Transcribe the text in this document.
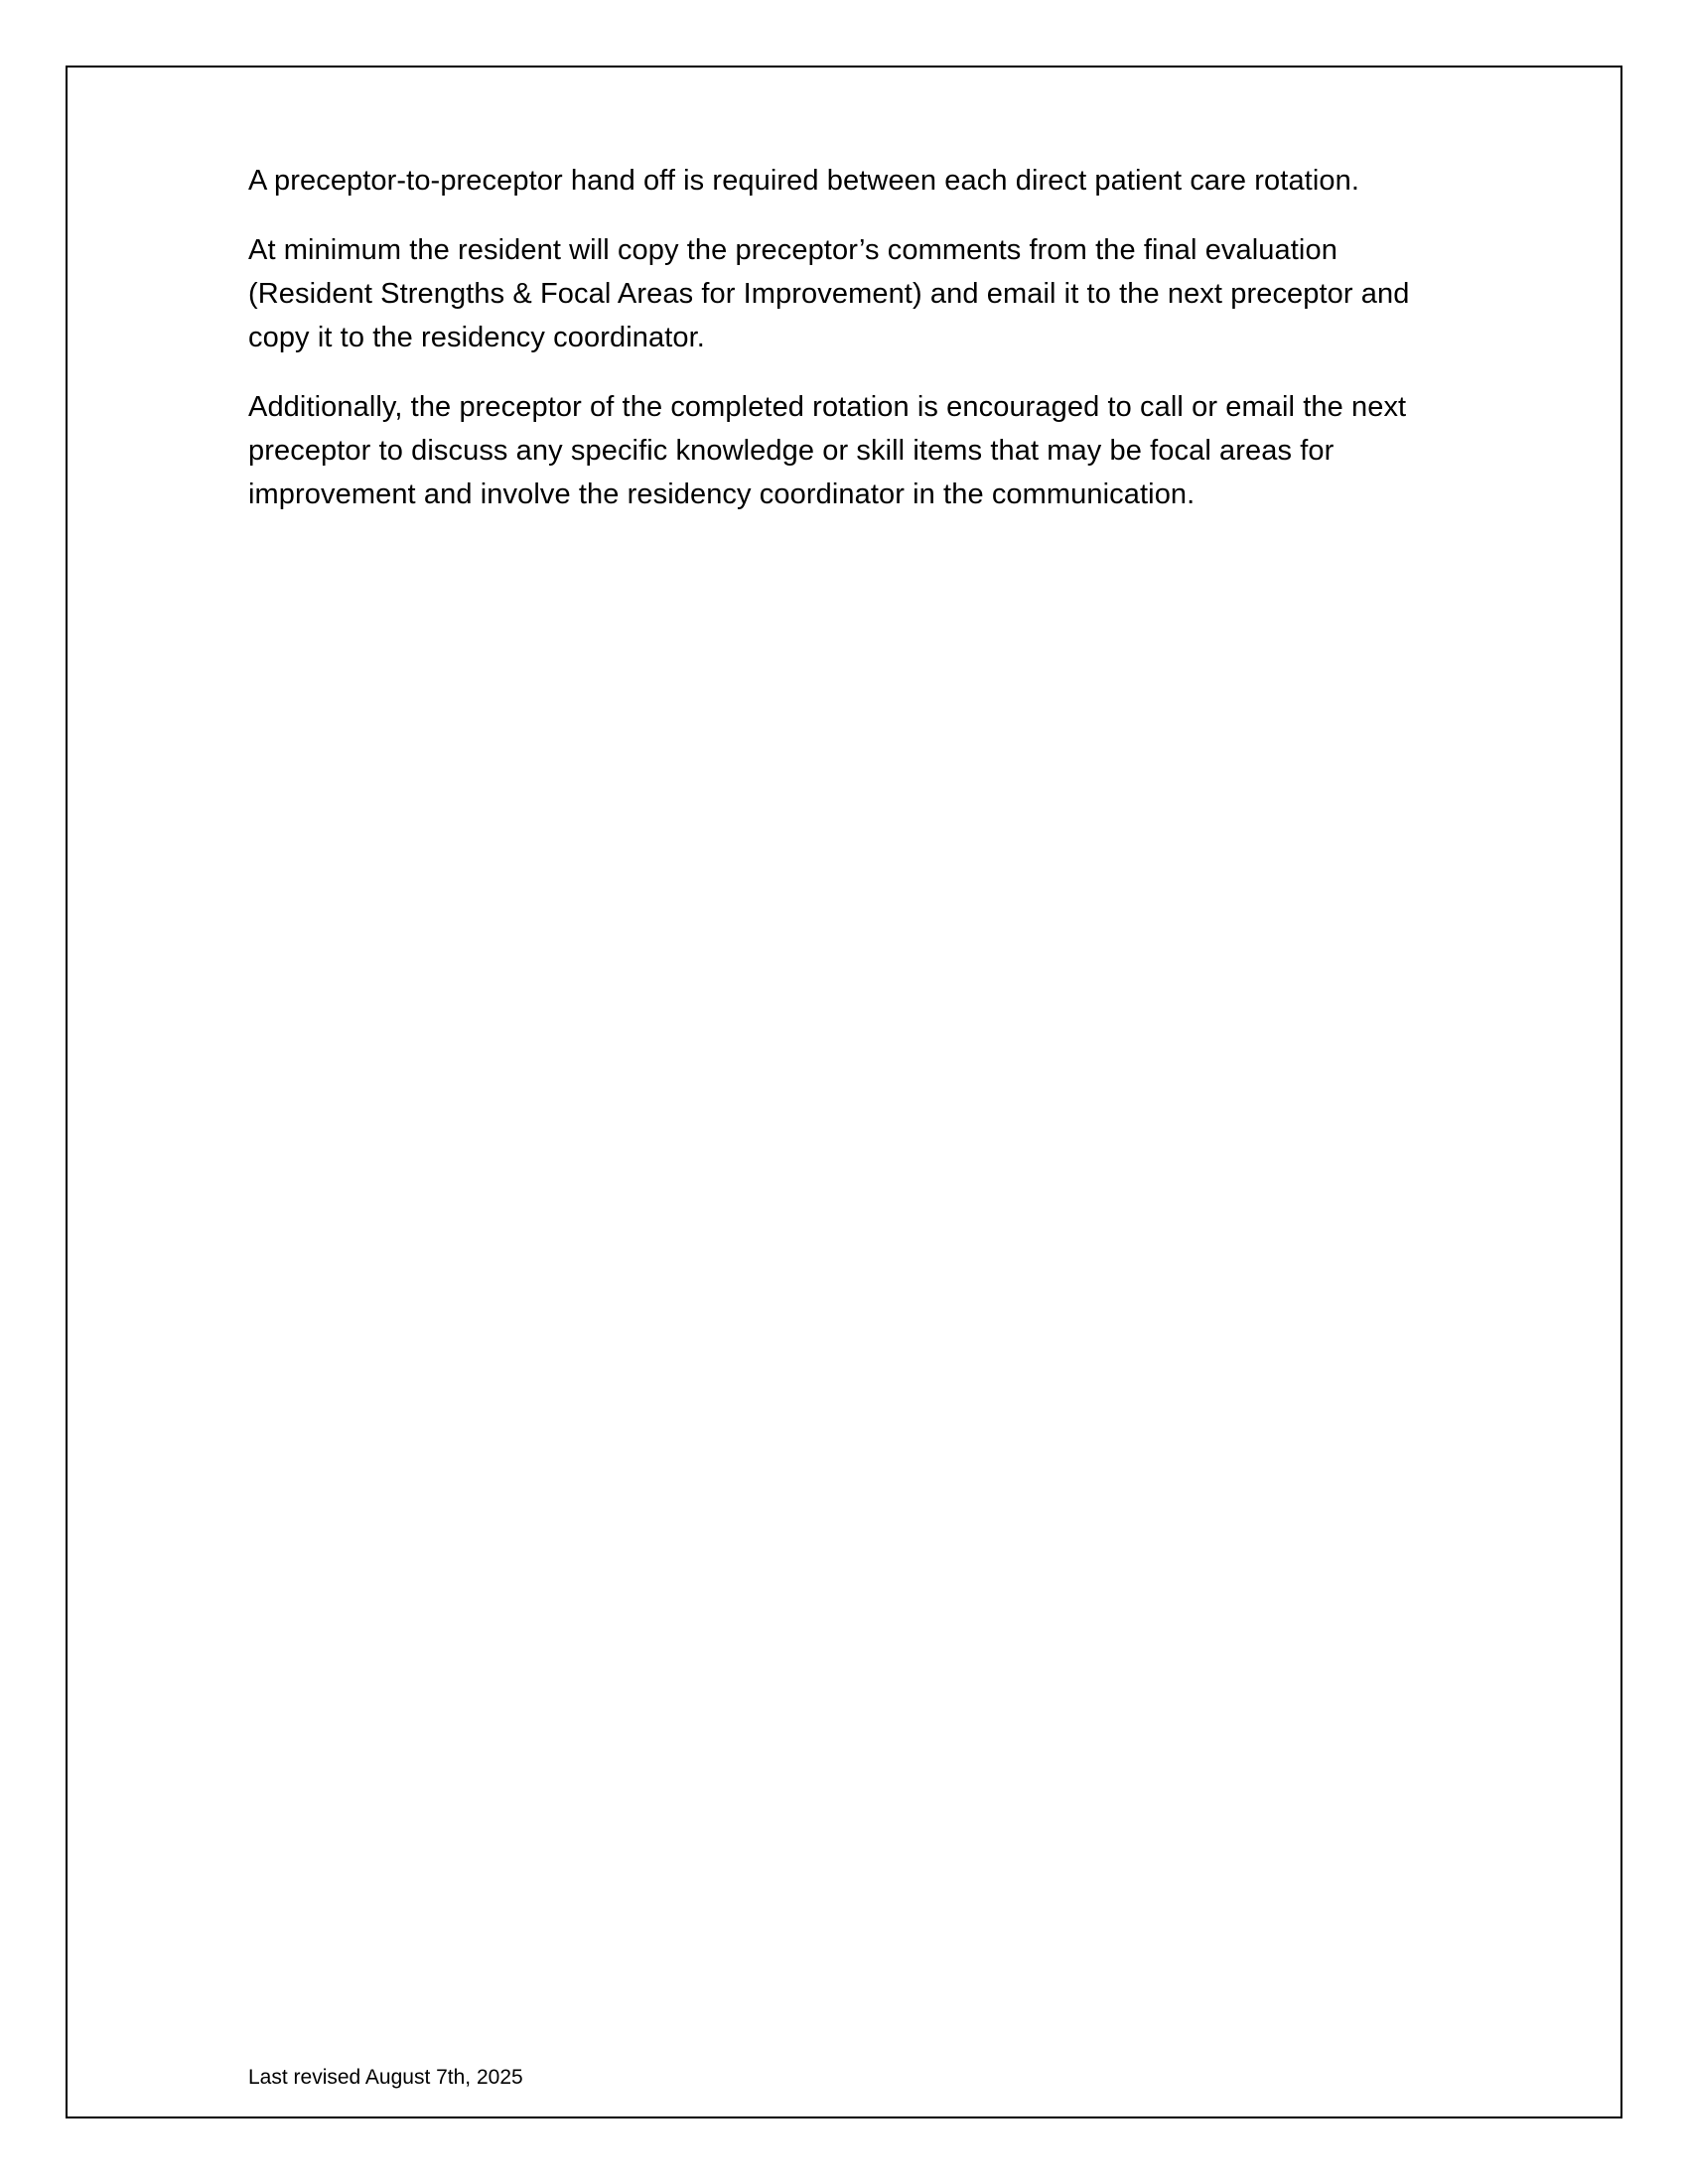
A preceptor-to-preceptor hand off is required between each direct patient care rotation.

At minimum the resident will copy the preceptor’s comments from the final evaluation (Resident Strengths & Focal Areas for Improvement) and email it to the next preceptor and copy it to the residency coordinator.

Additionally, the preceptor of the completed rotation is encouraged to call or email the next preceptor to discuss any specific knowledge or skill items that may be focal areas for improvement and involve the residency coordinator in the communication.

Last revised August 7th, 2025
